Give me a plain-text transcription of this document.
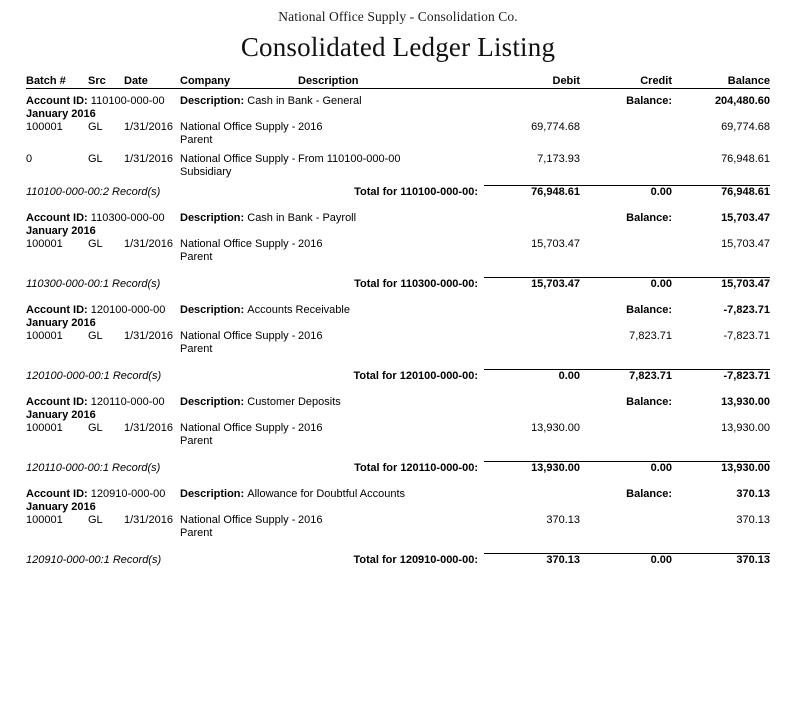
National Office Supply - Consolidation Co.
Consolidated Ledger Listing
Batch #	Src	Date	Company	Description	Debit	Credit	Balance

Account ID: 110100-000-00			Description: Cash in Bank - General			Balance:	204,480.60
January 2016							
100001	GL	1/31/2016	National Office Supply - Parent	2016	69,774.68		69,774.68

0	GL	1/31/2016	National Office Supply - Subsidiary	From 110100-000-00	7,173.93		76,948.61

110100-000-00:2 Record(s)			Total for 110100-000-00:		76,948.61	0.00	76,948.61

Account ID: 110300-000-00			Description: Cash in Bank - Payroll			Balance:	15,703.47
January 2016							
100001	GL	1/31/2016	National Office Supply - Parent	2016	15,703.47		15,703.47

110300-000-00:1 Record(s)			Total for 110300-000-00:		15,703.47	0.00	15,703.47

Account ID: 120100-000-00			Description: Accounts Receivable			Balance:	-7,823.71
January 2016							
100001	GL	1/31/2016	National Office Supply - Parent	2016		7,823.71	-7,823.71

120100-000-00:1 Record(s)			Total for 120100-000-00:		0.00	7,823.71	-7,823.71

Account ID: 120110-000-00			Description: Customer Deposits			Balance:	13,930.00
January 2016							
100001	GL	1/31/2016	National Office Supply - Parent	2016	13,930.00		13,930.00

120110-000-00:1 Record(s)			Total for 120110-000-00:		13,930.00	0.00	13,930.00

Account ID: 120910-000-00			Description: Allowance for Doubtful Accounts			Balance:	370.13
January 2016							
100001	GL	1/31/2016	National Office Supply - Parent	2016	370.13		370.13

120910-000-00:1 Record(s)			Total for 120910-000-00:		370.13	0.00	370.13
